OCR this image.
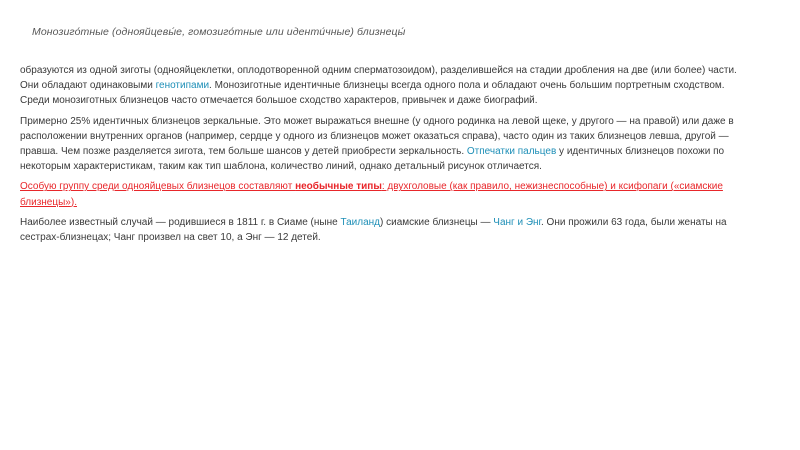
Монозиго́тные (однояйцевы́е, гомозиго́тные или иденти́чные) близнецы́

образуются из одной зиготы (однояйцеклетки, оплодотворенной одним сперматозоидом), разделившейся на стадии дробления на две (или более) части. Они обладают одинаковыми генотипами. Монозиготные идентичные близнецы всегда одного пола и обладают очень большим портретным сходством. Среди монозиготных близнецов часто отмечается большое сходство характеров, привычек и даже биографий.

Примерно 25% идентичных близнецов зеркальные. Это может выражаться внешне (у одного родинка на левой щеке, у другого — на правой) или даже в расположении внутренних органов (например, сердце у одного из близнецов может оказаться справа), часто один из таких близнецов левша, другой — правша. Чем позже разделяется зигота, тем больше шансов у детей приобрести зеркальность. Отпечатки пальцев у идентичных близнецов похожи по некоторым характеристикам, таким как тип шаблона, количество линий, однако детальный рисунок отличается.

Особую группу среди однояйцевых близнецов составляют необычные типы: двухголовые (как правило, нежизнеспособные) и ксифопаги («сиамские близнецы»).

Наиболее известный случай — родившиеся в 1811 г. в Сиаме (ныне Таиланд) сиамские близнецы — Чанг и Энг. Они прожили 63 года, были женаты на сестрах-близнецах; Чанг произвел на свет 10, а Энг — 12 детей.
